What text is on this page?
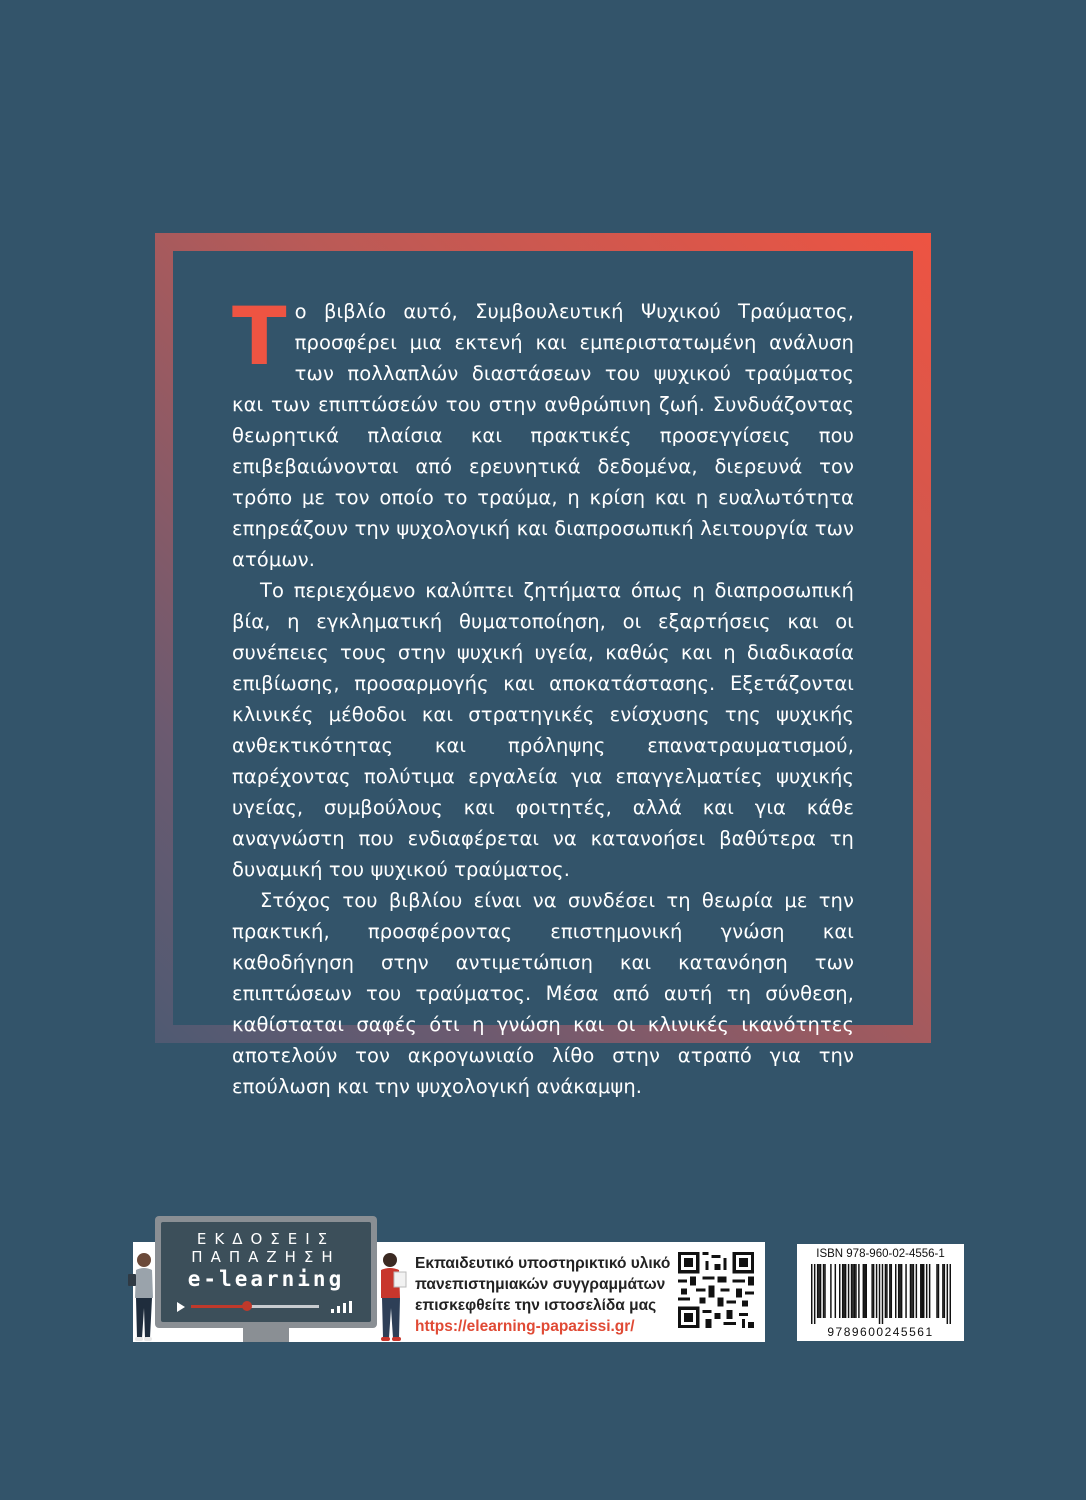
Το βιβλίο αυτό, Συμβουλευτική Ψυχικού Τραύματος, προσφέρει μια εκτενή και εμπεριστατωμένη ανάλυση των πολλαπλών διαστάσεων του ψυχικού τραύματος και των επιπτώσεών του στην ανθρώπινη ζωή. Συνδυάζοντας θεωρητικά πλαίσια και πρακτικές προσεγγίσεις που επιβεβαιώνονται από ερευνητικά δεδομένα, διερευνά τον τρόπο με τον οποίο το τραύμα, η κρίση και η ευαλωτότητα επηρεάζουν την ψυχολογική και διαπροσωπική λειτουργία των ατόμων.

Το περιεχόμενο καλύπτει ζητήματα όπως η διαπροσωπική βία, η εγκληματική θυματοποίηση, οι εξαρτήσεις και οι συνέπειες τους στην ψυχική υγεία, καθώς και η διαδικασία επιβίωσης, προσαρμογής και αποκατάστασης. Εξετάζονται κλινικές μέθοδοι και στρατηγικές ενίσχυσης της ψυχικής ανθεκτικότητας και πρόληψης επανατραυματισμού, παρέχοντας πολύτιμα εργαλεία για επαγγελματίες ψυχικής υγείας, συμβούλους και φοιτητές, αλλά και για κάθε αναγνώστη που ενδιαφέρεται να κατανοήσει βαθύτερα τη δυναμική του ψυχικού τραύματος.

Στόχος του βιβλίου είναι να συνδέσει τη θεωρία με την πρακτική, προσφέροντας επιστημονική γνώση και καθοδήγηση στην αντιμετώπιση και κατανόηση των επιπτώσεων του τραύματος. Μέσα από αυτή τη σύνθεση, καθίσταται σαφές ότι η γνώση και οι κλινικές ικανότητες αποτελούν τον ακρογωνιαίο λίθο στην ατραπό για την επούλωση και την ψυχολογική ανάκαμψη.

ΕΚΔΟΣΕΙΣ
ΠΑΠΑΖΗΣΗ
e-learning
Εκπαιδευτικό υποστηρικτικό υλικό
πανεπιστημιακών συγγραμμάτων
επισκεφθείτε την ιστοσελίδα μας
https://elearning-papazissi.gr/
ISBN 978-960-02-4556-1
9789600245561
